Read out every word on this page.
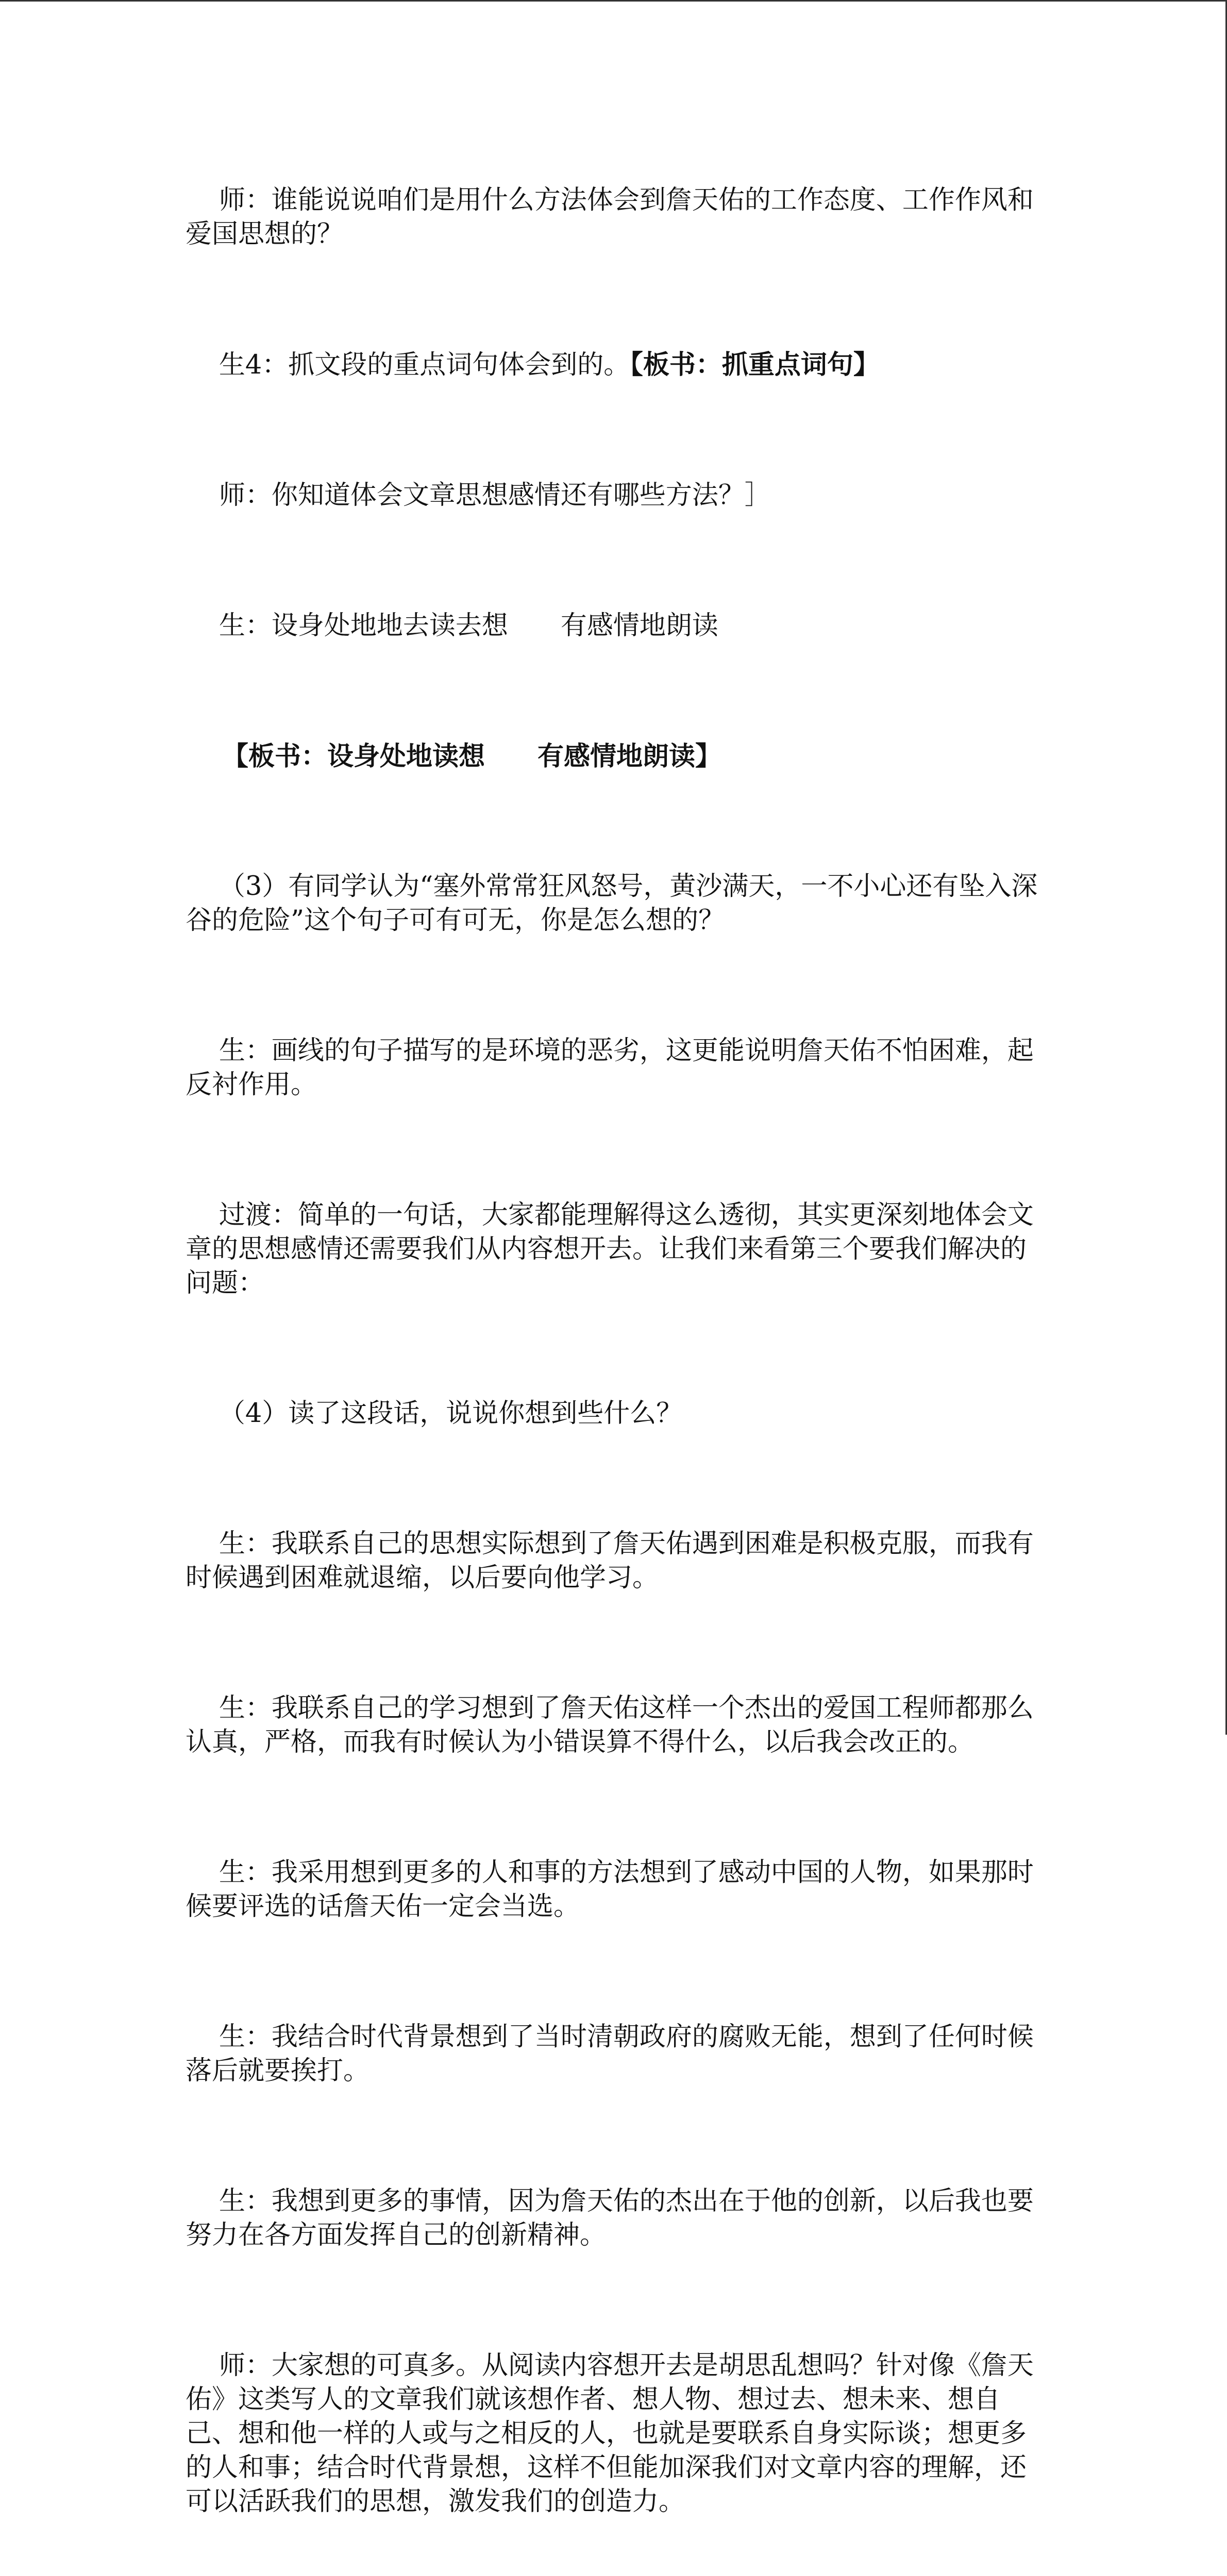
师：谁能说说咱们是用什么方法体会到詹天佑的工作态度、工作作风和爱国思想的？

生4：抓文段的重点词句体会到的。【板书：抓重点词句】

师：你知道体会文章思想感情还有哪些方法？］

生：设身处地地去读去想　　有感情地朗读

【板书：设身处地读想　　有感情地朗读】

（3）有同学认为“塞外常常狂风怒号，黄沙满天，一不小心还有坠入深谷的危险”这个句子可有可无，你是怎么想的？

生：画线的句子描写的是环境的恶劣，这更能说明詹天佑不怕困难，起反衬作用。

过渡：简单的一句话，大家都能理解得这么透彻，其实更深刻地体会文章的思想感情还需要我们从内容想开去。让我们来看第三个要我们解决的问题：

（4）读了这段话，说说你想到些什么？

生：我联系自己的思想实际想到了詹天佑遇到困难是积极克服，而我有时候遇到困难就退缩，以后要向他学习。

生：我联系自己的学习想到了詹天佑这样一个杰出的爱国工程师都那么认真，严格，而我有时候认为小错误算不得什么，以后我会改正的。

生：我采用想到更多的人和事的方法想到了感动中国的人物，如果那时候要评选的话詹天佑一定会当选。

生：我结合时代背景想到了当时清朝政府的腐败无能，想到了任何时候落后就要挨打。

生：我想到更多的事情，因为詹天佑的杰出在于他的创新，以后我也要努力在各方面发挥自己的创新精神。

师：大家想的可真多。从阅读内容想开去是胡思乱想吗？针对像《詹天佑》这类写人的文章我们就该想作者、想人物、想过去、想未来、想自己、想和他一样的人或与之相反的人，也就是要联系自身实际谈；想更多的人和事；结合时代背景想，这样不但能加深我们对文章内容的理解，还可以活跃我们的思想，激发我们的创造力。
